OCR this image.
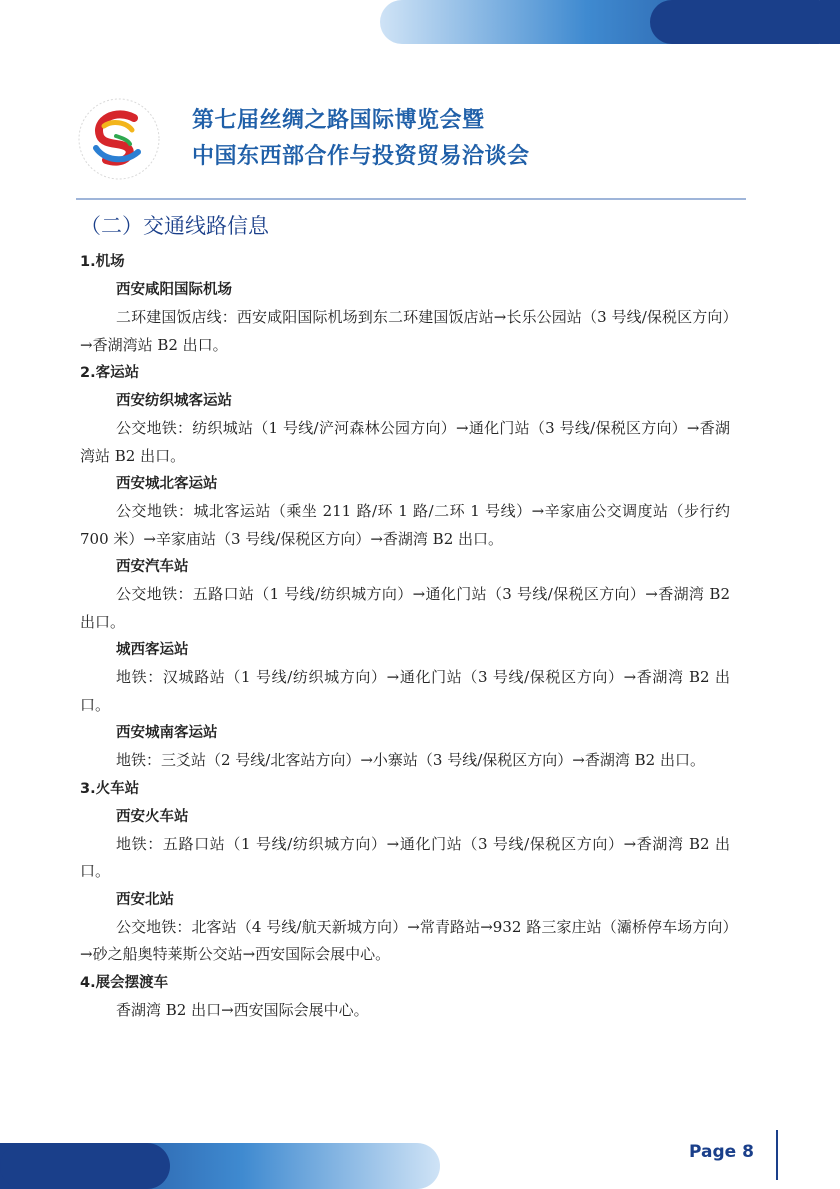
第七届丝绸之路国际博览会暨
中国东西部合作与投资贸易洽谈会
（二）交通线路信息
1.机场
西安咸阳国际机场

二环建国饭店线：西安咸阳国际机场到东二环建国饭店站→长乐公园站（3 号线/保税区方向）→香湖湾站 B2 出口。

2.客运站
西安纺织城客运站

公交地铁：纺织城站（1 号线/浐河森林公园方向）→通化门站（3 号线/保税区方向）→香湖湾站 B2 出口。

西安城北客运站

公交地铁：城北客运站（乘坐 211 路/环 1 路/二环 1 号线）→辛家庙公交调度站（步行约 700 米）→辛家庙站（3 号线/保税区方向）→香湖湾 B2 出口。

西安汽车站

公交地铁：五路口站（1 号线/纺织城方向）→通化门站（3 号线/保税区方向）→香湖湾 B2 出口。

城西客运站

地铁：汉城路站（1 号线/纺织城方向）→通化门站（3 号线/保税区方向）→香湖湾 B2 出口。

西安城南客运站

地铁：三爻站（2 号线/北客站方向）→小寨站（3 号线/保税区方向）→香湖湾 B2 出口。

3.火车站
西安火车站

地铁：五路口站（1 号线/纺织城方向）→通化门站（3 号线/保税区方向）→香湖湾 B2 出口。

西安北站

公交地铁：北客站（4 号线/航天新城方向）→常青路站→932 路三家庄站（灞桥停车场方向）→砂之船奥特莱斯公交站→西安国际会展中心。

4.展会摆渡车

香湖湾 B2 出口→西安国际会展中心。

Page 8
